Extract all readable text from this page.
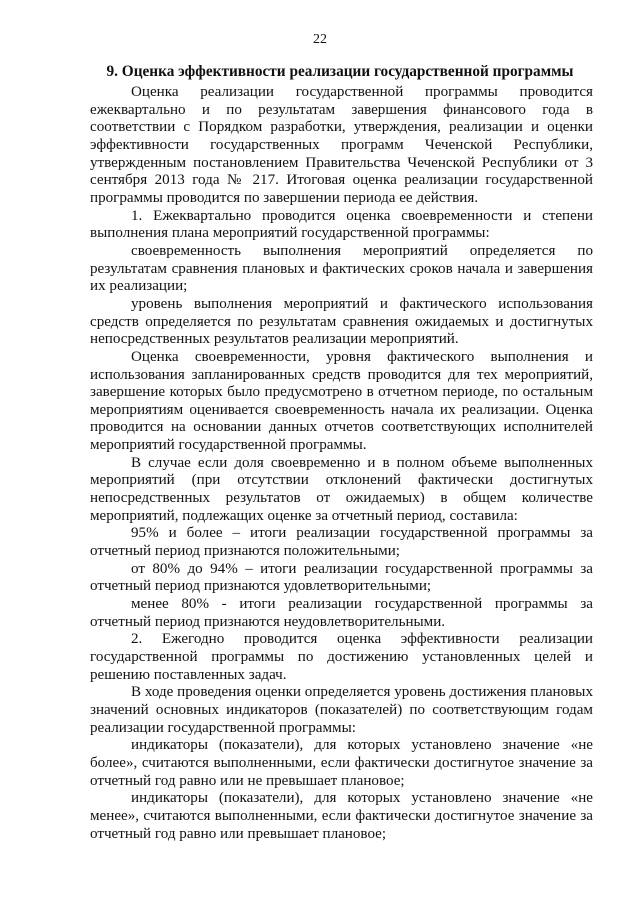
22
9. Оценка эффективности реализации государственной программы

Оценка реализации государственной программы проводится ежеквартально и по результатам завершения финансового года в соответствии с Порядком разработки, утверждения, реализации и оценки эффективности государственных программ Чеченской Республики, утвержденным постановлением Правительства Чеченской Республики от 3 сентября 2013 года № 217. Итоговая оценка реализации государственной программы проводится по завершении периода ее действия.

1. Ежеквартально проводится оценка своевременности и степени выполнения плана мероприятий государственной программы:

своевременность выполнения мероприятий определяется по результатам сравнения плановых и фактических сроков начала и завершения их реализации;

уровень выполнения мероприятий и фактического использования средств определяется по результатам сравнения ожидаемых и достигнутых непосредственных результатов реализации мероприятий.

Оценка своевременности, уровня фактического выполнения и использования запланированных средств проводится для тех мероприятий, завершение которых было предусмотрено в отчетном периоде, по остальным мероприятиям оценивается своевременность начала их реализации. Оценка проводится на основании данных отчетов соответствующих исполнителей мероприятий государственной программы.

В случае если доля своевременно и в полном объеме выполненных мероприятий (при отсутствии отклонений фактически достигнутых непосредственных результатов от ожидаемых) в общем количестве мероприятий, подлежащих оценке за отчетный период, составила:

95% и более – итоги реализации государственной программы за отчетный период признаются положительными;

от 80% до 94% – итоги реализации государственной программы за отчетный период признаются удовлетворительными;

менее 80% - итоги реализации государственной программы за отчетный период признаются неудовлетворительными.

2. Ежегодно проводится оценка эффективности реализации государственной программы по достижению установленных целей и решению поставленных задач.

В ходе проведения оценки определяется уровень достижения плановых значений основных индикаторов (показателей) по соответствующим годам реализации государственной программы:

индикаторы (показатели), для которых установлено значение «не более», считаются выполненными, если фактически достигнутое значение за отчетный год равно или не превышает плановое;

индикаторы (показатели), для которых установлено значение «не менее», считаются выполненными, если фактически достигнутое значение за отчетный год равно или превышает плановое;
